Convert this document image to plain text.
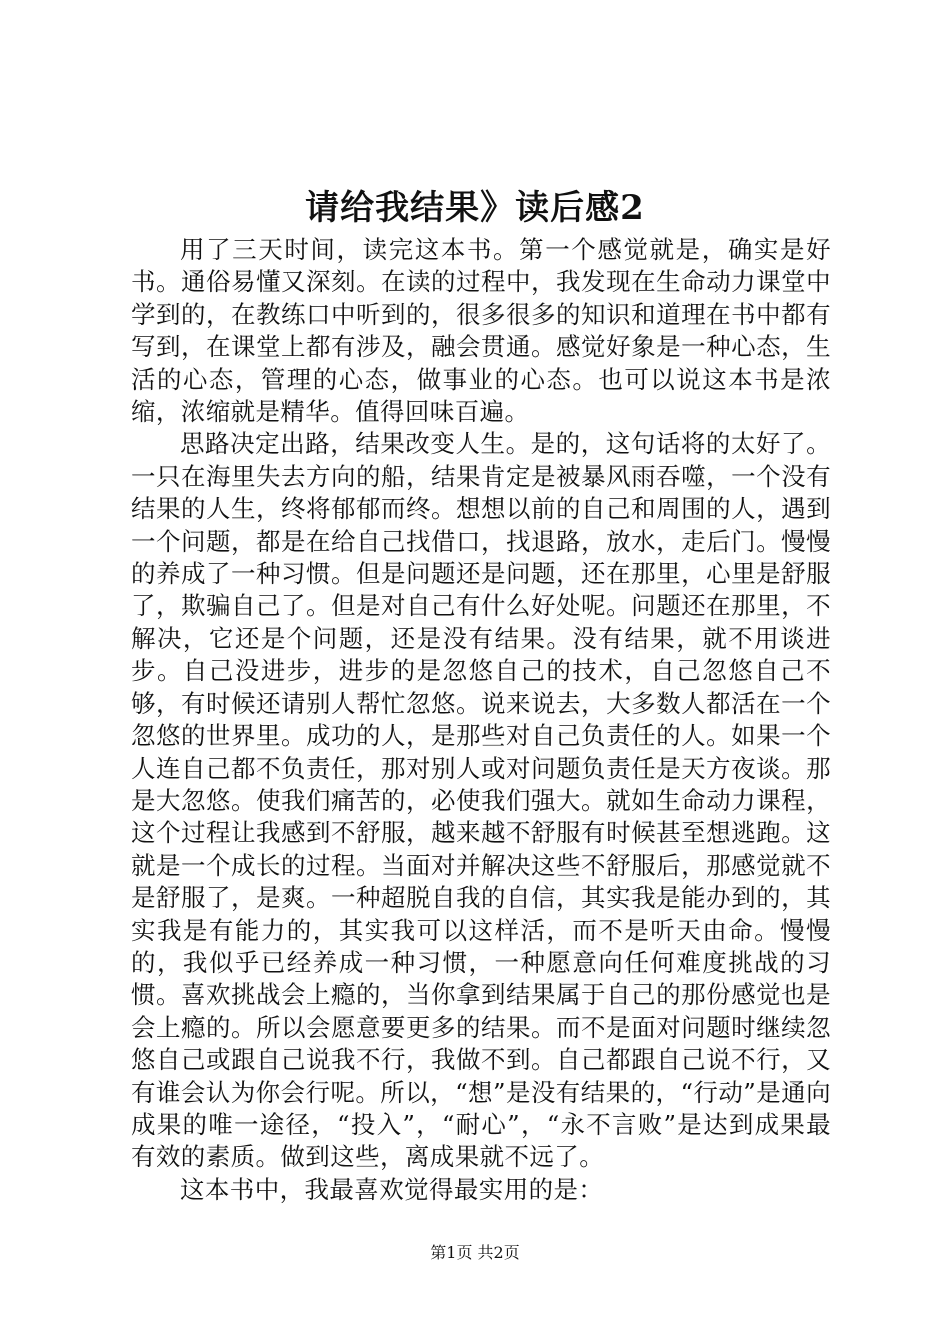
请给我结果》读后感2

用了三天时间，读完这本书。第一个感觉就是，确实是好书。通俗易懂又深刻。在读的过程中，我发现在生命动力课堂中学到的，在教练口中听到的，很多很多的知识和道理在书中都有写到，在课堂上都有涉及，融会贯通。感觉好象是一种心态，生活的心态，管理的心态，做事业的心态。也可以说这本书是浓缩，浓缩就是精华。值得回味百遍。

思路决定出路，结果改变人生。是的，这句话将的太好了。一只在海里失去方向的船，结果肯定是被暴风雨吞噬，一个没有结果的人生，终将郁郁而终。想想以前的自己和周围的人，遇到一个问题，都是在给自己找借口，找退路，放水，走后门。慢慢的养成了一种习惯。但是问题还是问题，还在那里，心里是舒服了，欺骗自己了。但是对自己有什么好处呢。问题还在那里，不解决，它还是个问题，还是没有结果。没有结果，就不用谈进步。自己没进步，进步的是忽悠自己的技术，自己忽悠自己不够，有时候还请别人帮忙忽悠。说来说去，大多数人都活在一个忽悠的世界里。成功的人，是那些对自己负责任的人。如果一个人连自己都不负责任，那对别人或对问题负责任是天方夜谈。那是大忽悠。使我们痛苦的，必使我们强大。就如生命动力课程，这个过程让我感到不舒服，越来越不舒服有时候甚至想逃跑。这就是一个成长的过程。当面对并解决这些不舒服后，那感觉就不是舒服了，是爽。一种超脱自我的自信，其实我是能办到的，其实我是有能力的，其实我可以这样活，而不是听天由命。慢慢的，我似乎已经养成一种习惯，一种愿意向任何难度挑战的习惯。喜欢挑战会上瘾的，当你拿到结果属于自己的那份感觉也是会上瘾的。所以会愿意要更多的结果。而不是面对问题时继续忽悠自己或跟自己说我不行，我做不到。自己都跟自己说不行，又有谁会认为你会行呢。所以，“想”是没有结果的，“行动”是通向成果的唯一途径，“投入”，“耐心”，“永不言败”是达到成果最有效的素质。做到这些，离成果就不远了。

这本书中，我最喜欢觉得最实用的是：

第1页 共2页
